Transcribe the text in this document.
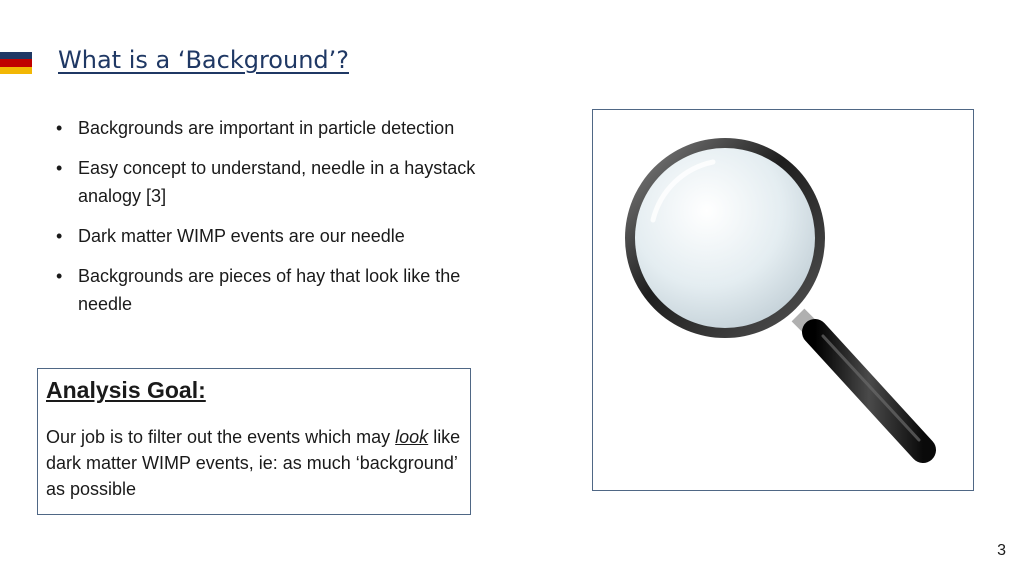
What is a ‘Background’?
• Backgrounds are important in particle detection
• Easy concept to understand, needle in a haystack analogy [3]
• Dark matter WIMP events are our needle
• Backgrounds are pieces of hay that look like the needle
Analysis Goal:
Our job is to filter out the events which may look like dark matter WIMP events, ie: as much ‘background’ as possible
3
